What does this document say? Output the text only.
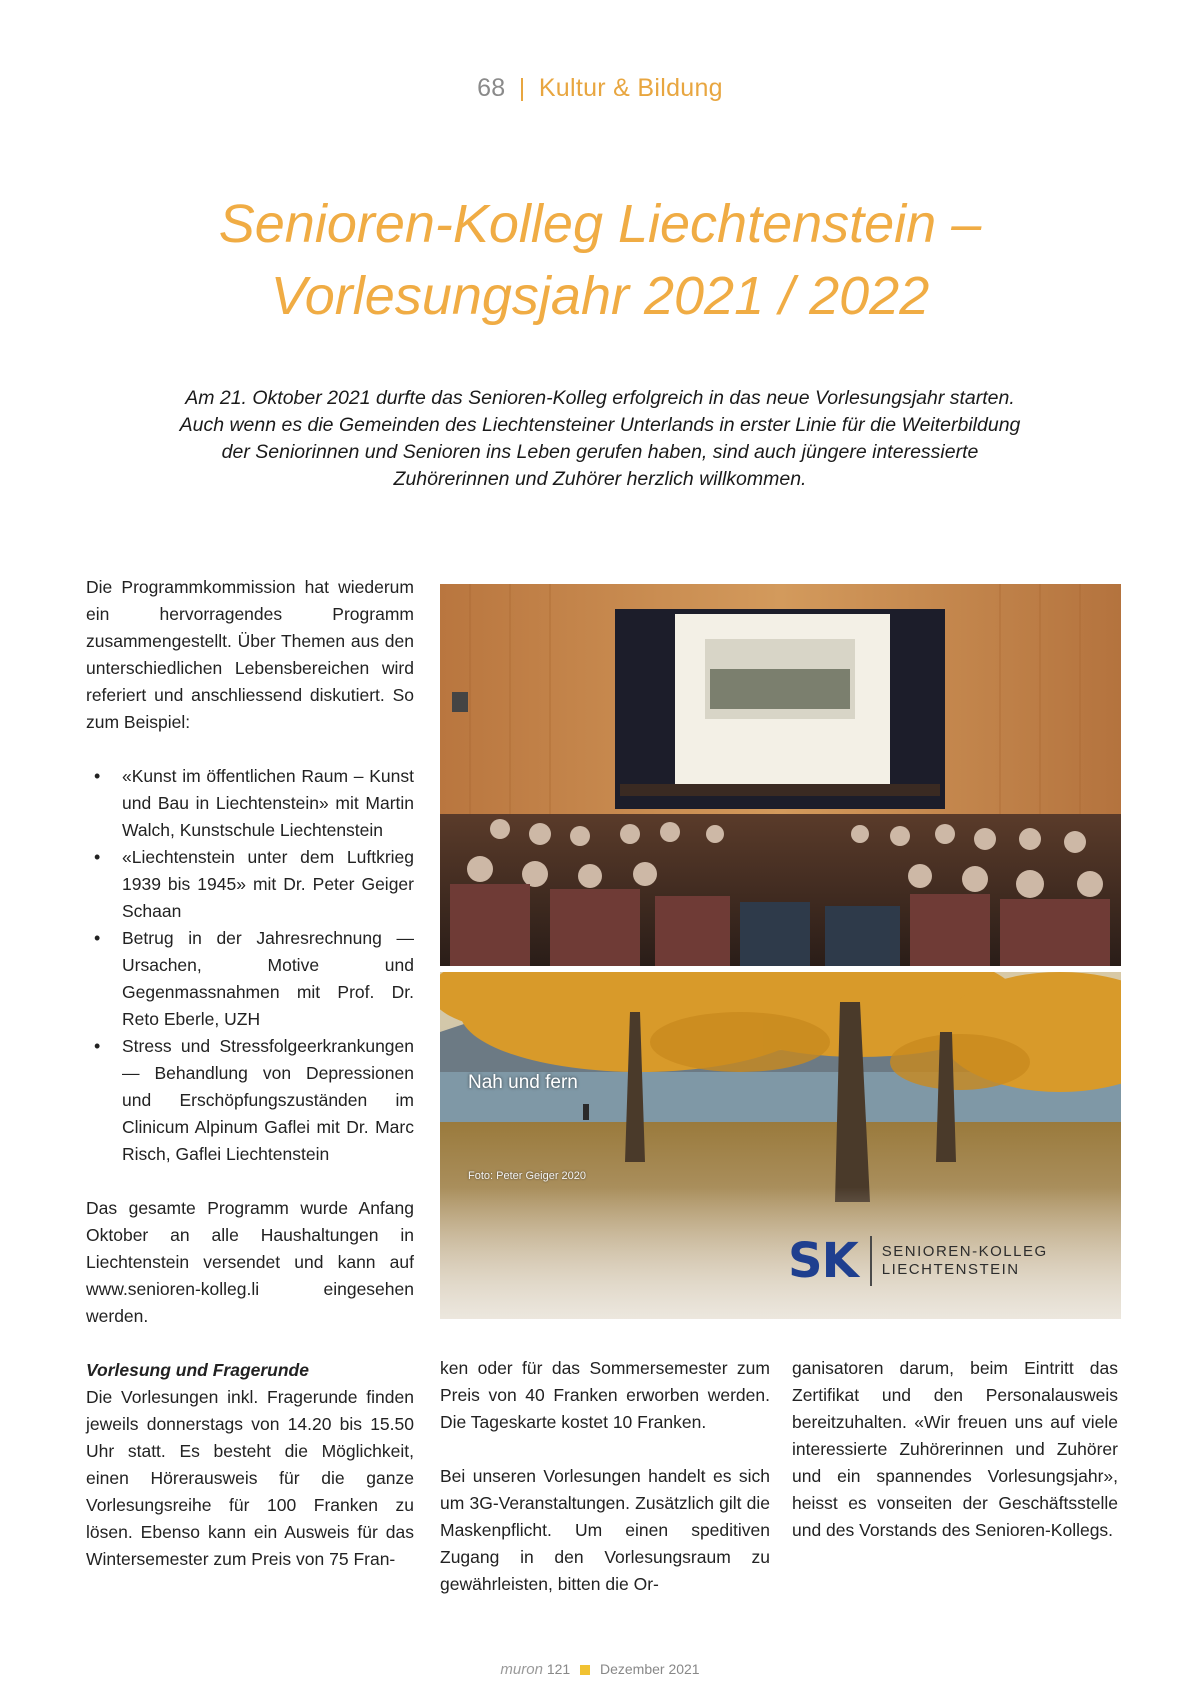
68 | Kultur & Bildung
Senioren-Kolleg Liechtenstein –
Vorlesungsjahr 2021 / 2022

Am 21. Oktober 2021 durfte das Senioren-Kolleg erfolgreich in das neue Vorlesungsjahr starten. Auch wenn es die Gemeinden des Liechtensteiner Unterlands in erster Linie für die Weiterbildung der Seniorinnen und Senioren ins Leben gerufen haben, sind auch jüngere interessierte Zuhörerinnen und Zuhörer herzlich willkommen.

Die Programmkommission hat wiederum ein hervorragendes Programm zusammengestellt. Über Themen aus den unterschiedlichen Lebensbereichen wird referiert und anschliessend diskutiert. So zum Beispiel:

• «Kunst im öffentlichen Raum – Kunst und Bau in Liechtenstein» mit Martin Walch, Kunstschule Liechtenstein
• «Liechtenstein unter dem Luftkrieg 1939 bis 1945» mit Dr. Peter Geiger Schaan
• Betrug in der Jahresrechnung — Ursachen, Motive und Gegenmassnahmen mit Prof. Dr. Reto Eberle, UZH
• Stress und Stressfolgeerkrankungen — Behandlung von Depressionen und Erschöpfungszuständen im Clinicum Alpinum Gaflei mit Dr. Marc Risch, Gaflei Liechtenstein

Das gesamte Programm wurde Anfang Oktober an alle Haushaltungen in Liechtenstein versendet und kann auf www.senioren-kolleg.li eingesehen werden.

Vorlesung und Fragerunde

Die Vorlesungen inkl. Fragerunde finden jeweils donnerstags von 14.20 bis 15.50 Uhr statt. Es besteht die Möglichkeit, einen Hörerausweis für die ganze Vorlesungsreihe für 100 Franken zu lösen. Ebenso kann ein Ausweis für das Wintersemester zum Preis von 75 Fran-

Nah und fern
Foto: Peter Geiger 2020
SK SENIOREN-KOLLEG
LIECHTENSTEIN

ken oder für das Sommersemester zum Preis von 40 Franken erworben werden. Die Tageskarte kostet 10 Franken.

Bei unseren Vorlesungen handelt es sich um 3G-Veranstaltungen. Zusätzlich gilt die Maskenpflicht. Um einen speditiven Zugang in den Vorlesungsraum zu gewährleisten, bitten die Or-

ganisatoren darum, beim Eintritt das Zertifikat und den Personalausweis bereitzuhalten. «Wir freuen uns auf viele interessierte Zuhörerinnen und Zuhörer und ein spannendes Vorlesungsjahr», heisst es vonseiten der Geschäftsstelle und des Vorstands des Senioren-Kollegs.

muron 121 Dezember 2021
